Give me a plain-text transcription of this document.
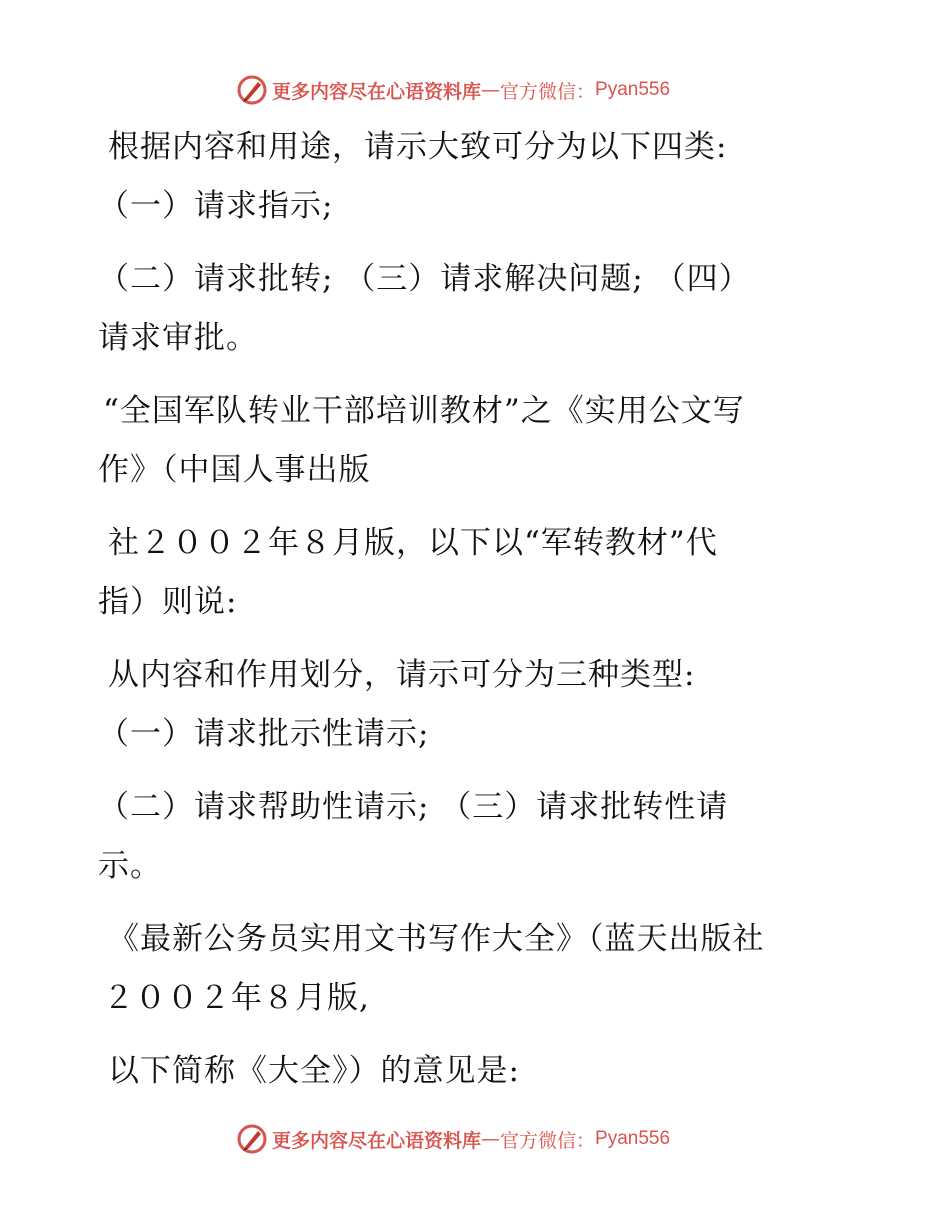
更多内容尽在心语资料库 — 官方微信： Pyan556
根据内容和用途，请示大致可分为以下四类:
（一）请求指示;
（二）请求批转; （三）请求解决问题; （四）
请求审批。
“全国军队转业干部培训教材”之《实用公文写
作》（中国人事出版
社２００２年８月版，以下以“军转教材”代
指）则说:
从内容和作用划分，请示可分为三种类型:
（一）请求批示性请示;
（二）请求帮助性请示; （三）请求批转性请
示。
《最新公务员实用文书写作大全》（蓝天出版社
２００２年８月版,
以下简称《大全》）的意见是:
更多内容尽在心语资料库 — 官方微信： Pyan556
